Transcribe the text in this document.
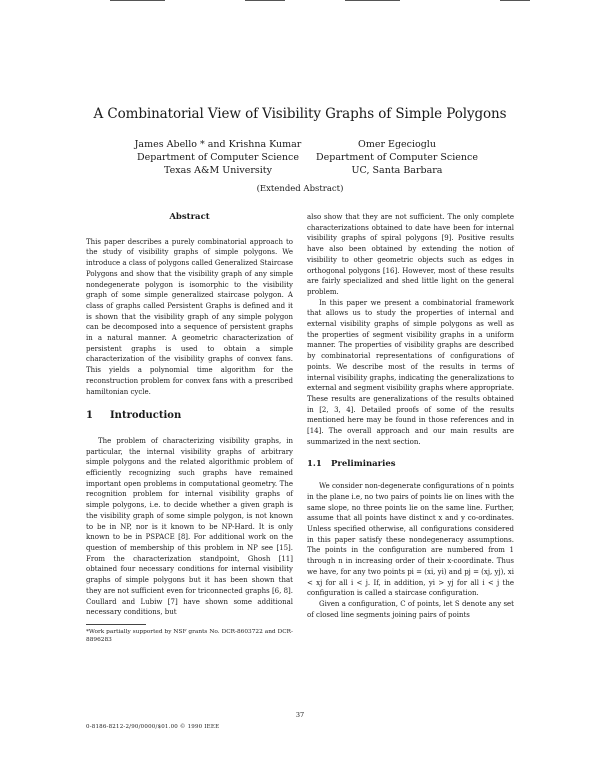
A Combinatorial View of Visibility Graphs of Simple Polygons
James Abello * and Krishna Kumar
Department of Computer Science
Texas A&M University
Omer Egecioglu
Department of Computer Science
UC, Santa Barbara
(Extended Abstract)

Abstract

This paper describes a purely combinatorial approach to the study of visibility graphs of simple polygons. We introduce a class of polygons called Generalized Staircase Polygons and show that the visibility graph of any simple nondegenerate polygon is isomorphic to the visibility graph of some simple generalized staircase polygon. A class of graphs called Persistent Graphs is defined and it is shown that the visibility graph of any simple polygon can be decomposed into a sequence of persistent graphs in a natural manner. A geometric characterization of persistent graphs is used to obtain a simple characterization of the visibility graphs of convex fans. This yields a polynomial time algorithm for the reconstruction problem for convex fans with a prescribed hamiltonian cycle.

1 Introduction

The problem of characterizing visibility graphs, in particular, the internal visibility graphs of arbitrary simple polygons and the related algorithmic problem of efficiently recognizing such graphs have remained important open problems in computational geometry. The recognition problem for internal visibility graphs of simple polygons, i.e. to decide whether a given graph is the visibility graph of some simple polygon, is not known to be in NP, nor is it known to be NP-Hard. It is only known to be in PSPACE [8]. For additional work on the question of membership of this problem in NP see [15]. From the characterization standpoint, Ghosh [11] obtained four necessary conditions for internal visibility graphs of simple polygons but it has been shown that they are not sufficient even for triconnected graphs [6, 8]. Coullard and Lubiw [7] have shown some additional necessary conditions, but

*Work partially supported by NSF grants No. DCR-8603722 and DCR-8896283

also show that they are not sufficient. The only complete characterizations obtained to date have been for internal visibility graphs of spiral polygons [9]. Positive results have also been obtained by extending the notion of visibility to other geometric objects such as edges in orthogonal polygons [16]. However, most of these results are fairly specialized and shed little light on the general problem.

In this paper we present a combinatorial framework that allows us to study the properties of internal and external visibility graphs of simple polygons as well as the properties of segment visibility graphs in a uniform manner. The properties of visibility graphs are described by combinatorial representations of configurations of points. We describe most of the results in terms of internal visibility graphs, indicating the generalizations to external and segment visibility graphs where appropriate. These results are generalizations of the results obtained in [2, 3, 4]. Detailed proofs of some of the results mentioned here may be found in those references and in [14]. The overall approach and our main results are summarized in the next section.

1.1 Preliminaries

We consider non-degenerate configurations of n points in the plane i.e, no two pairs of points lie on lines with the same slope, no three points lie on the same line. Further, assume that all points have distinct x and y co-ordinates. Unless specified otherwise, all configurations considered in this paper satisfy these nondegeneracy assumptions. The points in the configuration are numbered from 1 through n in increasing order of their x-coordinate. Thus we have, for any two points pi = (xi, yi) and pj = (xj, yj), xi < xj for all i < j. If, in addition, yi > yj for all i < j the configuration is called a staircase configuration.

Given a configuration, C of points, let S denote any set of closed line segments joining pairs of points

37
0-8186-8212-2/90/0000/$01.00 © 1990 IEEE
